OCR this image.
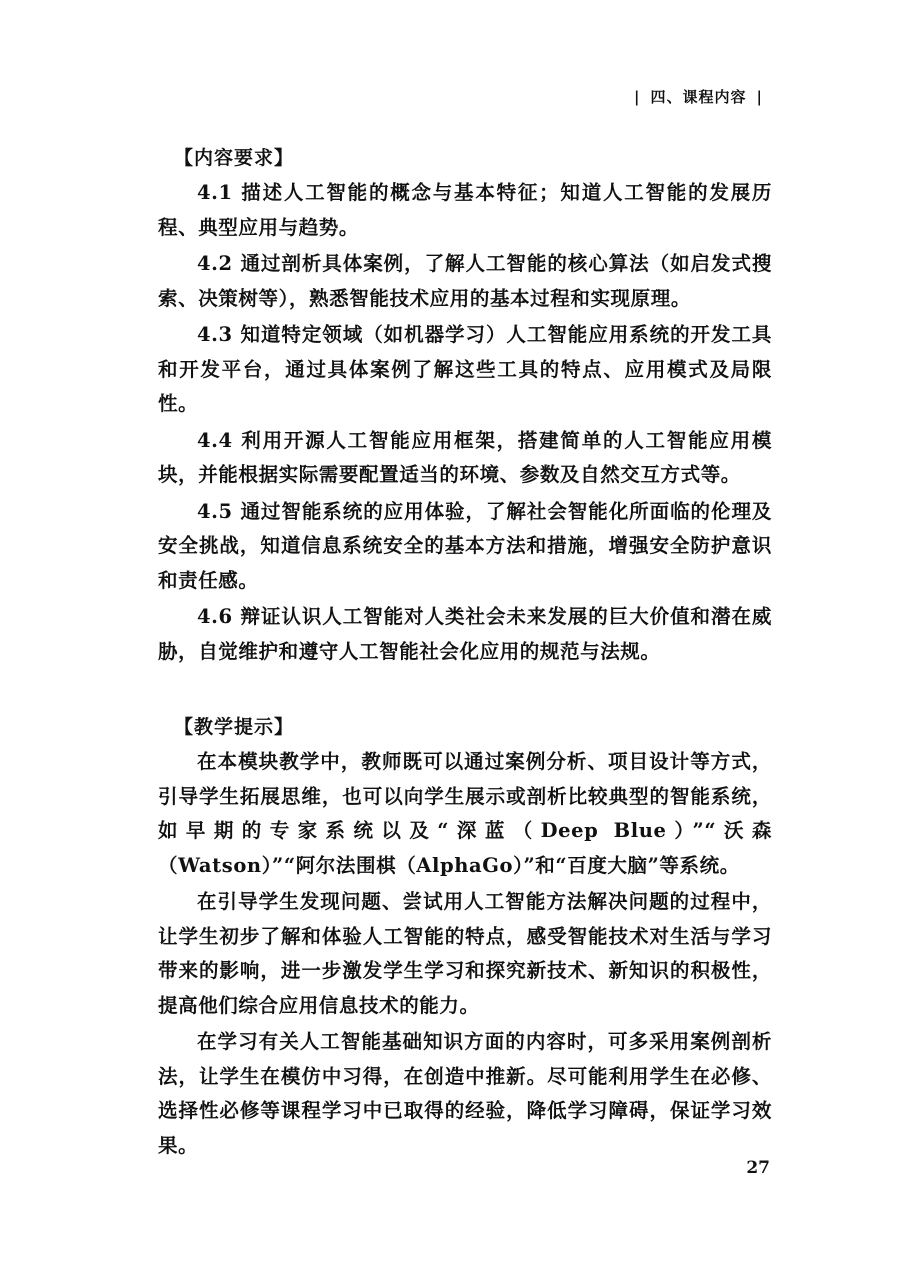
| 四、课程内容 |
【内容要求】

4.1 描述人工智能的概念与基本特征；知道人工智能的发展历程、典型应用与趋势。

4.2 通过剖析具体案例，了解人工智能的核心算法（如启发式搜索、决策树等），熟悉智能技术应用的基本过程和实现原理。

4.3 知道特定领域（如机器学习）人工智能应用系统的开发工具和开发平台，通过具体案例了解这些工具的特点、应用模式及局限性。

4.4 利用开源人工智能应用框架，搭建简单的人工智能应用模块，并能根据实际需要配置适当的环境、参数及自然交互方式等。

4.5 通过智能系统的应用体验，了解社会智能化所面临的伦理及安全挑战，知道信息系统安全的基本方法和措施，增强安全防护意识和责任感。

4.6 辩证认识人工智能对人类社会未来发展的巨大价值和潜在威胁，自觉维护和遵守人工智能社会化应用的规范与法规。

【教学提示】

在本模块教学中，教师既可以通过案例分析、项目设计等方式，引导学生拓展思维，也可以向学生展示或剖析比较典型的智能系统，如早期的专家系统以及“深蓝（Deep Blue）”“沃森（Watson）”“阿尔法围棋（AlphaGo）”和“百度大脑”等系统。

在引导学生发现问题、尝试用人工智能方法解决问题的过程中，让学生初步了解和体验人工智能的特点，感受智能技术对生活与学习带来的影响，进一步激发学生学习和探究新技术、新知识的积极性，提高他们综合应用信息技术的能力。

在学习有关人工智能基础知识方面的内容时，可多采用案例剖析法，让学生在模仿中习得，在创造中推新。尽可能利用学生在必修、选择性必修等课程学习中已取得的经验，降低学习障碍，保证学习效果。

27
